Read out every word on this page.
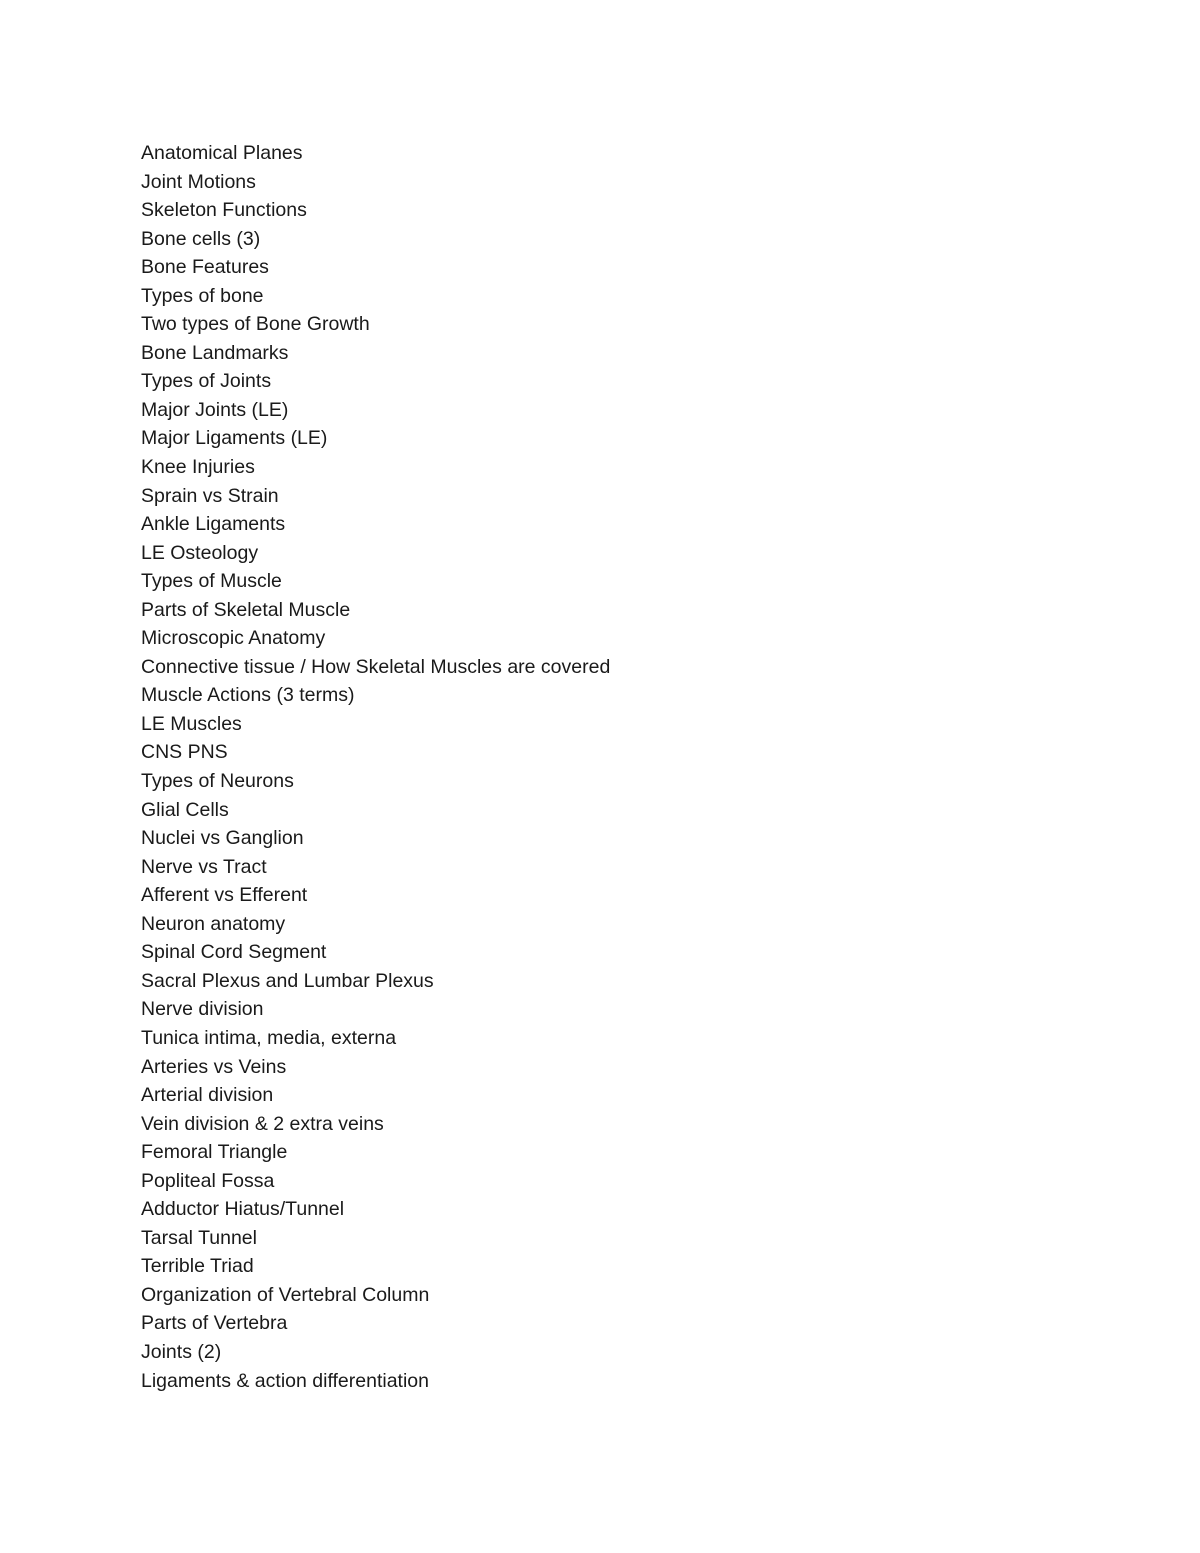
Anatomical Planes
Joint Motions
Skeleton Functions
Bone cells (3)
Bone Features
Types of bone
Two types of Bone Growth
Bone Landmarks
Types of Joints
Major Joints (LE)
Major Ligaments (LE)
Knee Injuries
Sprain vs Strain
Ankle Ligaments
LE Osteology
Types of Muscle
Parts of Skeletal Muscle
Microscopic Anatomy
Connective tissue / How Skeletal Muscles are covered
Muscle Actions (3 terms)
LE Muscles
CNS PNS
Types of Neurons
Glial Cells
Nuclei vs Ganglion
Nerve vs Tract
Afferent vs Efferent
Neuron anatomy
Spinal Cord Segment
Sacral Plexus and Lumbar Plexus
Nerve division
Tunica intima, media, externa
Arteries vs Veins
Arterial division
Vein division & 2 extra veins
Femoral Triangle
Popliteal Fossa
Adductor Hiatus/Tunnel
Tarsal Tunnel
Terrible Triad
Organization of Vertebral Column
Parts of Vertebra
Joints (2)
Ligaments & action differentiation
